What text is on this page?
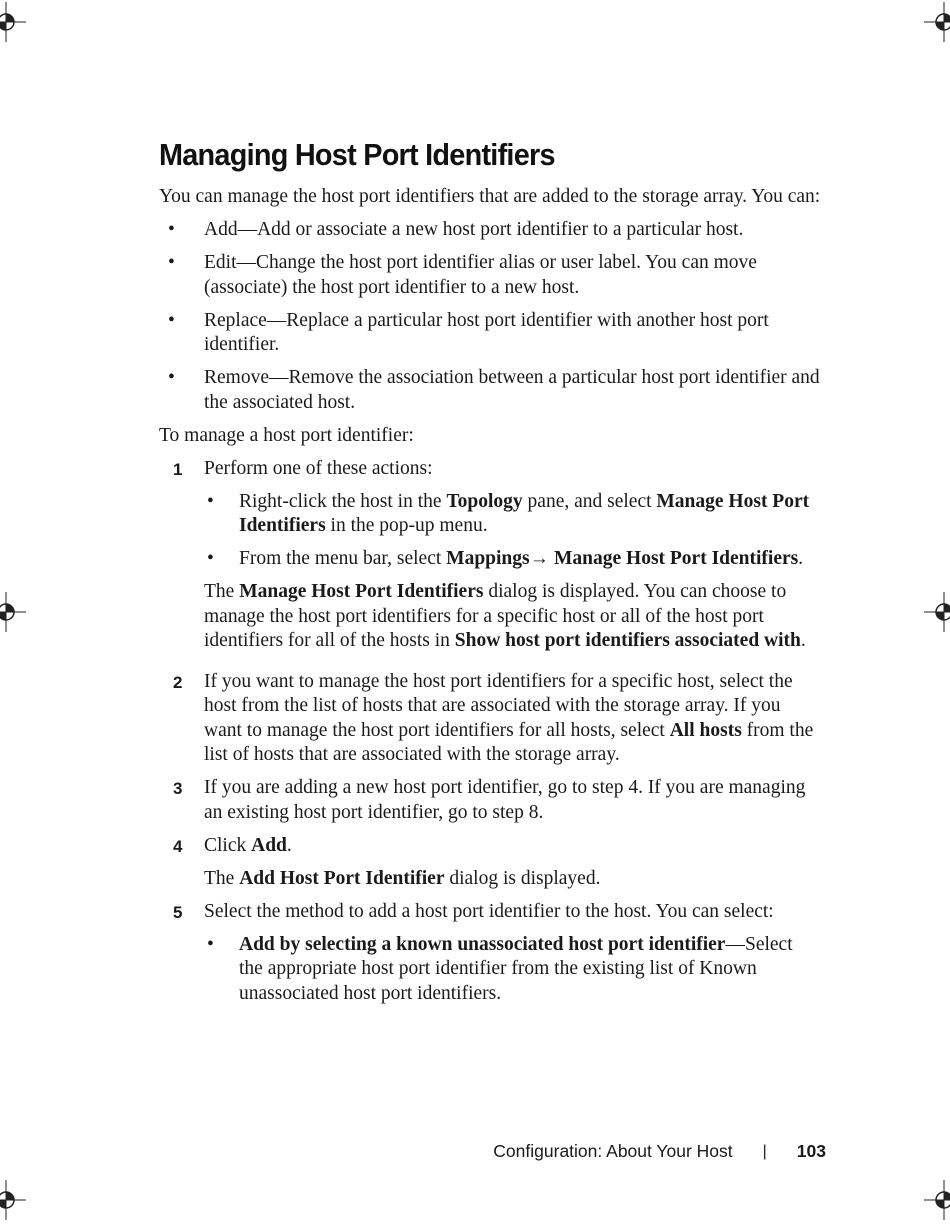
Managing Host Port Identifiers

You can manage the host port identifiers that are added to the storage array. You can:

• Add—Add or associate a new host port identifier to a particular host.
• Edit—Change the host port identifier alias or user label. You can move (associate) the host port identifier to a new host.
• Replace—Replace a particular host port identifier with another host port identifier.
• Remove—Remove the association between a particular host port identifier and the associated host.

To manage a host port identifier:

1 Perform one of these actions:

• Right-click the host in the Topology pane, and select Manage Host Port Identifiers in the pop-up menu.
• From the menu bar, select Mappings→ Manage Host Port Identifiers.

The Manage Host Port Identifiers dialog is displayed. You can choose to manage the host port identifiers for a specific host or all of the host port identifiers for all of the hosts in Show host port identifiers associated with.

2 If you want to manage the host port identifiers for a specific host, select the host from the list of hosts that are associated with the storage array. If you want to manage the host port identifiers for all hosts, select All hosts from the list of hosts that are associated with the storage array.

3 If you are adding a new host port identifier, go to step 4. If you are managing an existing host port identifier, go to step 8.

4 Click Add.

The Add Host Port Identifier dialog is displayed.

5 Select the method to add a host port identifier to the host. You can select:

• Add by selecting a known unassociated host port identifier—Select the appropriate host port identifier from the existing list of Known unassociated host port identifiers.
Configuration: About Your Host | 103
